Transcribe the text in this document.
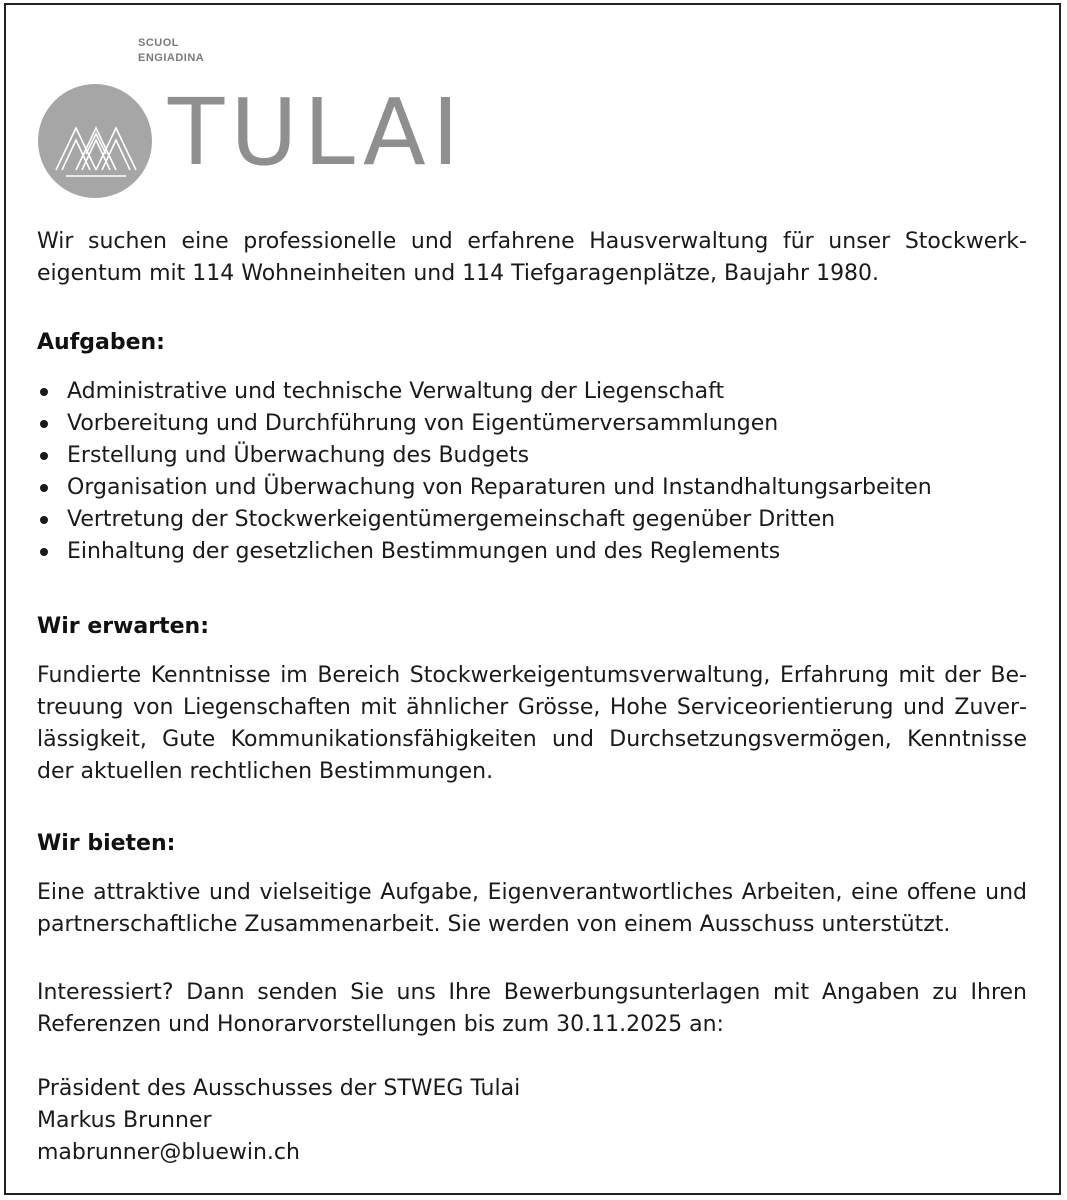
SCUOL
ENGIADINA
TULAI
Wir suchen eine professionelle und erfahrene Hausverwaltung für unser Stockwerkeigentum mit 114 Wohneinheiten und 114 Tiefgaragenplätze, Baujahr 1980.
Aufgaben:
Administrative und technische Verwaltung der Liegenschaft
Vorbereitung und Durchführung von Eigentümerversammlungen
Erstellung und Überwachung des Budgets
Organisation und Überwachung von Reparaturen und Instandhaltungsarbeiten
Vertretung der Stockwerkeigentümergemeinschaft gegenüber Dritten
Einhaltung der gesetzlichen Bestimmungen und des Reglements
Wir erwarten:
Fundierte Kenntnisse im Bereich Stockwerkeigentumsverwaltung, Erfahrung mit der Betreuung von Liegenschaften mit ähnlicher Grösse, Hohe Serviceorientierung und Zuverlässigkeit, Gute Kommunikationsfähigkeiten und Durchsetzungsvermögen, Kenntnisse der aktuellen rechtlichen Bestimmungen.
Wir bieten:
Eine attraktive und vielseitige Aufgabe, Eigenverantwortliches Arbeiten, eine offene und partnerschaftliche Zusammenarbeit. Sie werden von einem Ausschuss unterstützt.
Interessiert? Dann senden Sie uns Ihre Bewerbungsunterlagen mit Angaben zu Ihren Referenzen und Honorarvorstellungen bis zum 30.11.2025 an:
Präsident des Ausschusses der STWEG Tulai
Markus Brunner
mabrunner@bluewin.ch
